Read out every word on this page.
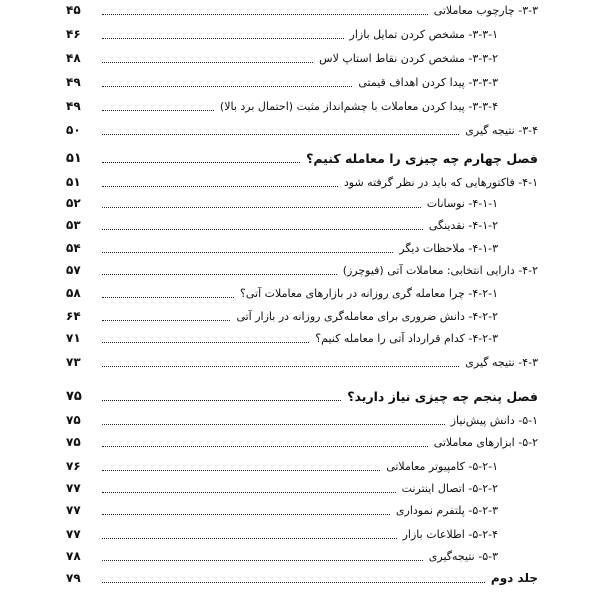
۳-۳- چارچوب معاملاتی
۴۵
۳-۳-۱- مشخص کردن تمایل بازار
۴۶
۳-۳-۲- مشخص کردن نقاط استاپ لاس
۴۸
۳-۳-۳- پیدا کردن اهداف قیمتی
۴۹
۳-۳-۴- پیدا کردن معاملات با چشم‌انداز مثبت (احتمال برد بالا)
۴۹
۳-۴- نتیجه گیری
۵۰
فصل چهارم چه چیزی را معامله کنیم؟
۵۱
۴-۱- فاکتورهایی که باید در نظر گرفته شود
۵۱
۴-۱-۱- نوسانات
۵۲
۴-۱-۲- نقدینگی
۵۳
۴-۱-۳- ملاحظات دیگر
۵۴
۴-۲- دارایی انتخابی: معاملات آتی (فیوچرز)
۵۷
۴-۲-۱- چرا معامله گری روزانه در بازارهای معاملات آتی؟
۵۸
۴-۲-۲- دانش ضروری برای معامله‌گری روزانه در بازار آتی
۶۴
۴-۲-۳- کدام قرارداد آتی را معامله کنیم؟
۷۱
۴-۳- نتیجه گیری
۷۳
فصل پنجم چه چیزی نیاز دارید؟
۷۵
۵-۱- دانش پیش‌نیاز
۷۵
۵-۲- ابزارهای معاملاتی
۷۵
۵-۲-۱- کامپیوتر معاملاتی
۷۶
۵-۲-۲- اتصال اینترنت
۷۷
۵-۲-۳- پلتفرم نموداری
۷۷
۵-۲-۴- اطلاعات بازار
۷۷
۵-۳- نتیجه‌گیری
۷۸
جلد دوم
۷۹
